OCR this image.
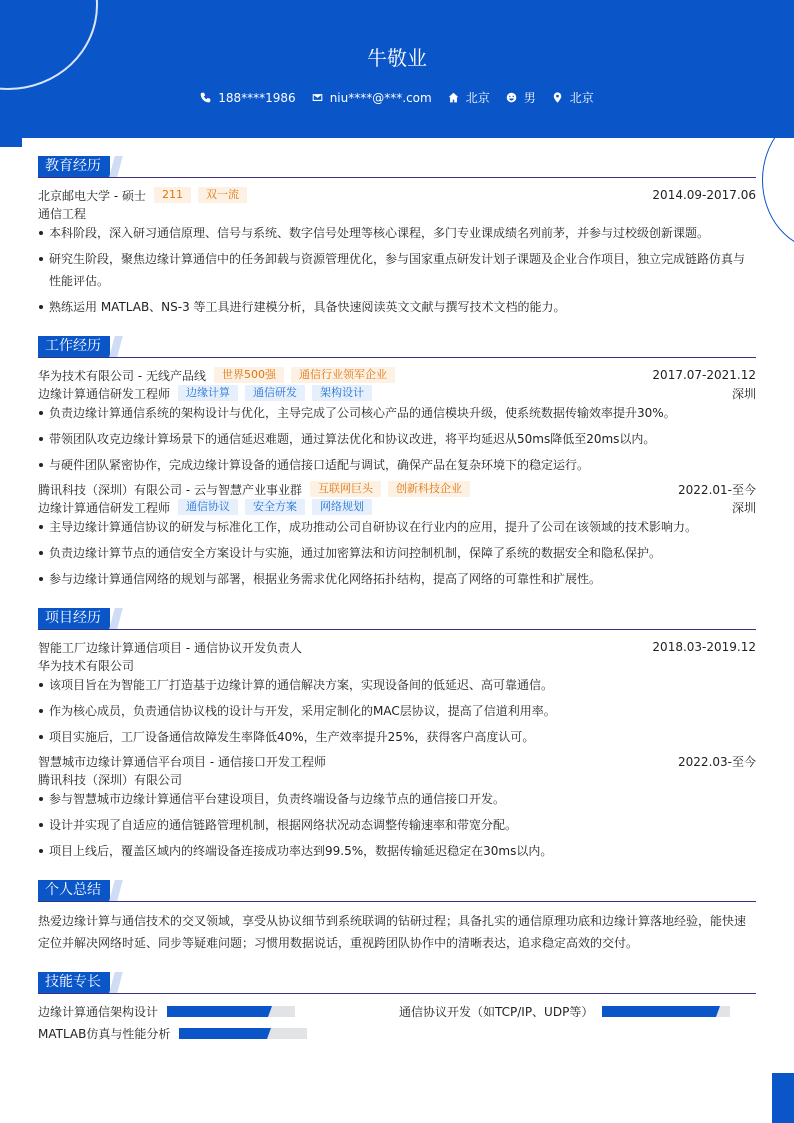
牛敬业
188****1986	niu****@***.com	北京	男	北京
教育经历
北京邮电大学 - 硕士	211	双一流	2014.09-2017.06
通信工程
本科阶段，深入研习通信原理、信号与系统、数字信号处理等核心课程，多门专业课成绩名列前茅，并参与过校级创新课题。
研究生阶段，聚焦边缘计算通信中的任务卸载与资源管理优化，参与国家重点研发计划子课题及企业合作项目，独立完成链路仿真与
性能评估。
熟练运用 MATLAB、NS-3 等工具进行建模分析，具备快速阅读英文文献与撰写技术文档的能力。
工作经历
华为技术有限公司 - 无线产品线	世界500强	通信行业领军企业	2017.07-2021.12
边缘计算通信研发工程师	边缘计算	通信研发	架构设计	深圳
负责边缘计算通信系统的架构设计与优化，主导完成了公司核心产品的通信模块升级，使系统数据传输效率提升30%。
带领团队攻克边缘计算场景下的通信延迟难题，通过算法优化和协议改进，将平均延迟从50ms降低至20ms以内。
与硬件团队紧密协作，完成边缘计算设备的通信接口适配与调试，确保产品在复杂环境下的稳定运行。
腾讯科技（深圳）有限公司 - 云与智慧产业事业群	互联网巨头	创新科技企业	2022.01-至今
边缘计算通信研发工程师	通信协议	安全方案	网络规划	深圳
主导边缘计算通信协议的研发与标准化工作，成功推动公司自研协议在行业内的应用，提升了公司在该领域的技术影响力。
负责边缘计算节点的通信安全方案设计与实施，通过加密算法和访问控制机制，保障了系统的数据安全和隐私保护。
参与边缘计算通信网络的规划与部署，根据业务需求优化网络拓扑结构，提高了网络的可靠性和扩展性。
项目经历
智能工厂边缘计算通信项目 - 通信协议开发负责人	2018.03-2019.12
华为技术有限公司
该项目旨在为智能工厂打造基于边缘计算的通信解决方案，实现设备间的低延迟、高可靠通信。
作为核心成员，负责通信协议栈的设计与开发，采用定制化的MAC层协议，提高了信道利用率。
项目实施后，工厂设备通信故障发生率降低40%，生产效率提升25%，获得客户高度认可。
智慧城市边缘计算通信平台项目 - 通信接口开发工程师	2022.03-至今
腾讯科技（深圳）有限公司
参与智慧城市边缘计算通信平台建设项目，负责终端设备与边缘节点的通信接口开发。
设计并实现了自适应的通信链路管理机制，根据网络状况动态调整传输速率和带宽分配。
项目上线后，覆盖区域内的终端设备连接成功率达到99.5%，数据传输延迟稳定在30ms以内。
个人总结
热爱边缘计算与通信技术的交叉领域，享受从协议细节到系统联调的钻研过程；具备扎实的通信原理功底和边缘计算落地经验，能快速
定位并解决网络时延、同步等疑难问题；习惯用数据说话，重视跨团队协作中的清晰表达，追求稳定高效的交付。
技能专长
边缘计算通信架构设计	通信协议开发（如TCP/IP、UDP等）
MATLAB仿真与性能分析
